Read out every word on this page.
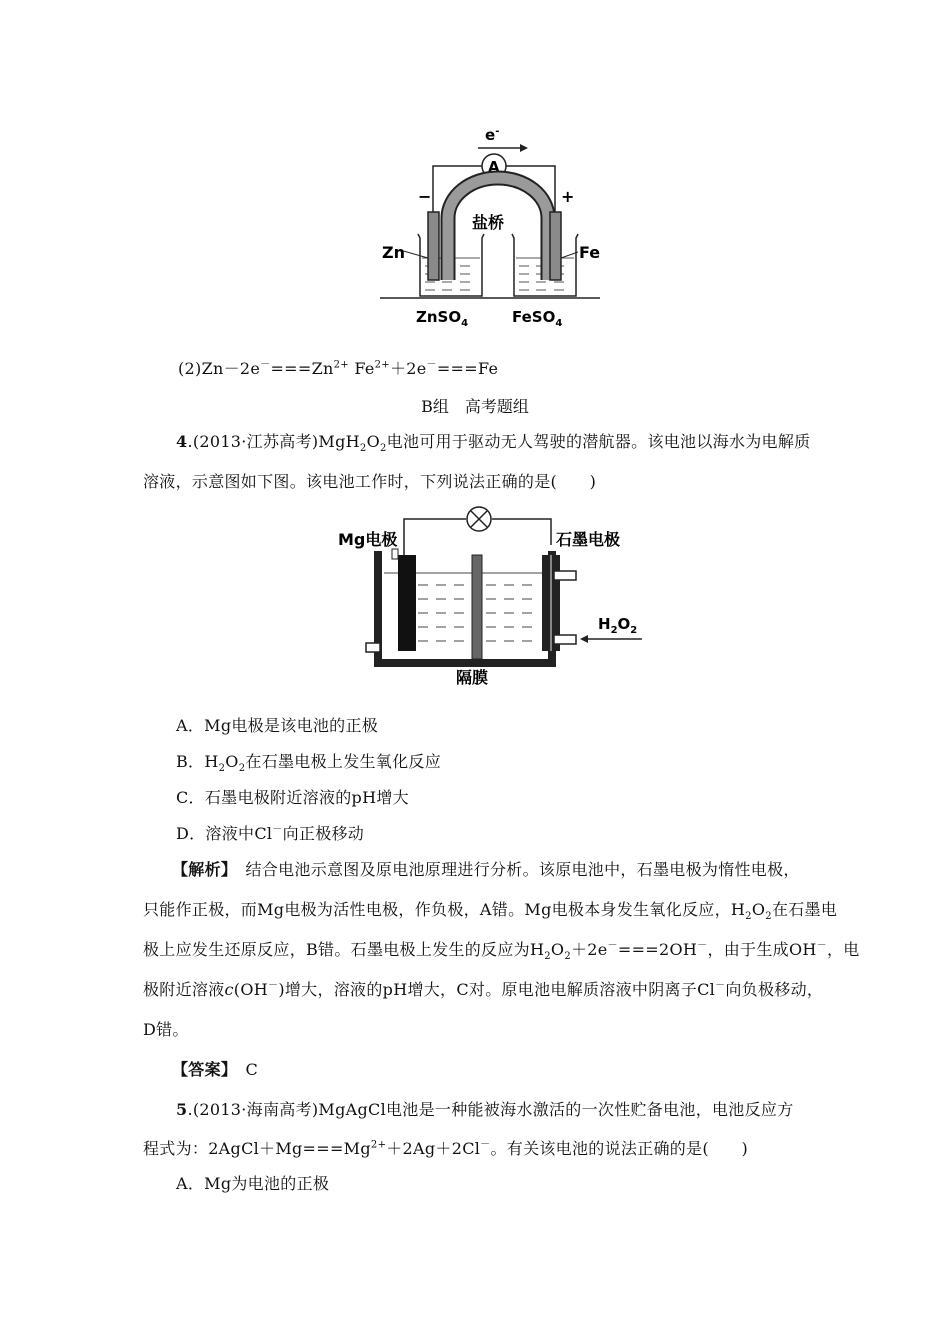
e-
A
−	+
盐桥
Zn	Fe
ZnSO$_4$	FeSO$_4$
$(2)Zn-2e^-===Zn^{2+}$ $Fe^{2+}+2e^-===Fe$
B组　高考题组
4.(2013·江苏高考)$MgH_2O_2$电池可用于驱动无人驾驶的潜航器。该电池以海水为电解质
溶液，示意图如下图。该电池工作时，下列说法正确的是(　　)
Mg电极	石墨电极
$H_2O_2$
隔膜
A．Mg电极是该电池的正极
B．$H_2O_2$在石墨电极上发生氧化反应
C．石墨电极附近溶液的pH增大
D．溶液中Cl－向正极移动
【解析】　结合电池示意图及原电池原理进行分析。该原电池中，石墨电极为惰性电极，
只能作正极，而Mg电极为活性电极，作负极，A错。Mg电极本身发生氧化反应，$H_2O_2$在石墨电
极上应发生还原反应，B错。石墨电极上发生的反应为$H_2O_2+2e^-===2OH^-$，由于生成OH－，电
极附近溶液c(OH－)增大，溶液的pH增大，C对。原电池电解质溶液中阴离子Cl－向负极移动，
D错。
【答案】　C
5.(2013·海南高考)MgAgCl电池是一种能被海水激活的一次性贮备电池，电池反应方
程式为：$2AgCl+Mg===Mg^{2+}+2Ag+2Cl^-$。有关该电池的说法正确的是(　　)
A．Mg为电池的正极
